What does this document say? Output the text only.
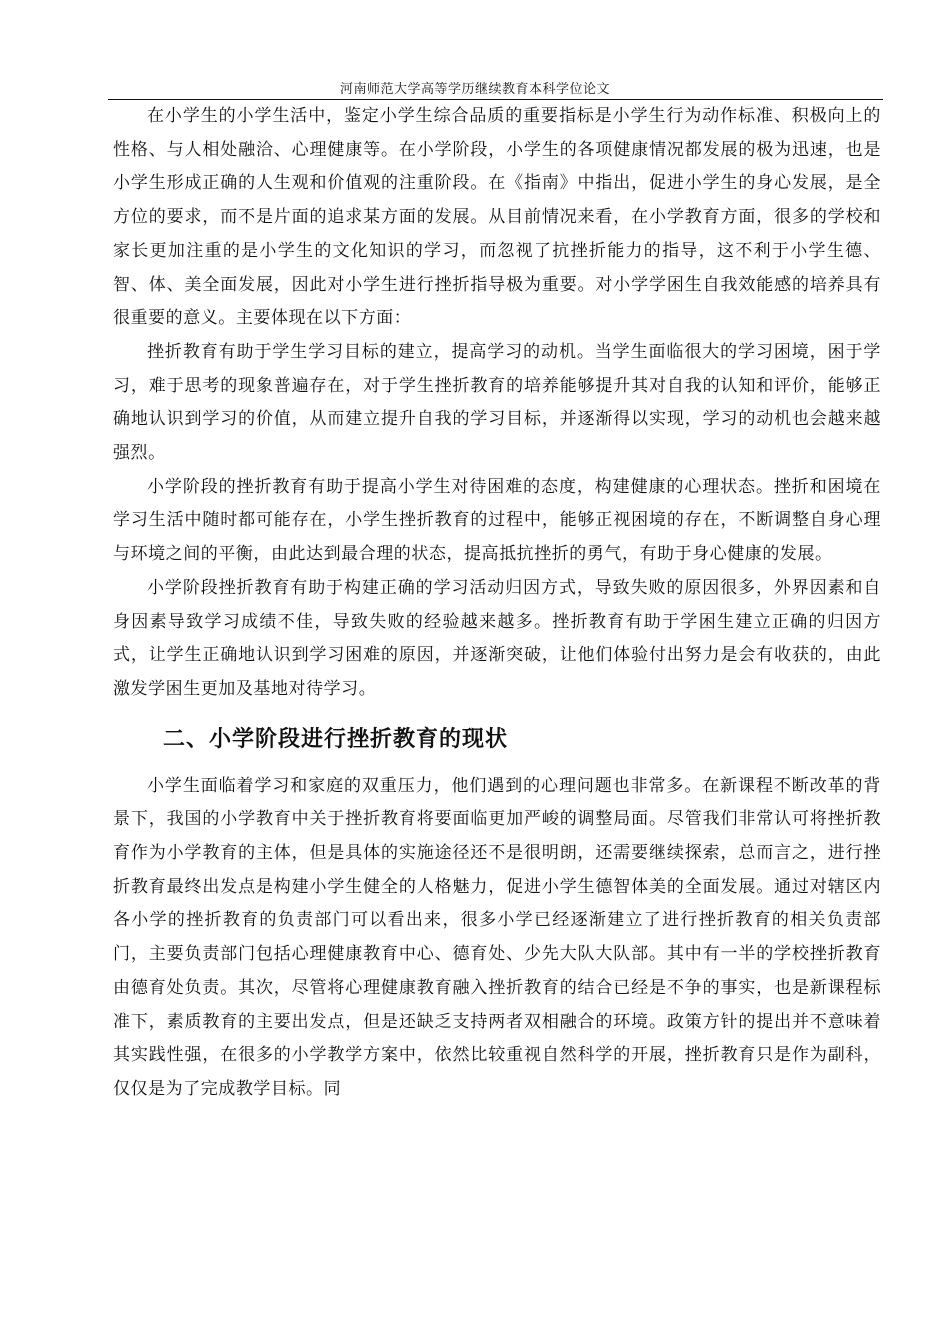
河南师范大学高等学历继续教育本科学位论文

在小学生的小学生活中，鉴定小学生综合品质的重要指标是小学生行为动作标准、积极向上的性格、与人相处融洽、心理健康等。在小学阶段，小学生的各项健康情况都发展的极为迅速，也是小学生形成正确的人生观和价值观的注重阶段。在《指南》中指出，促进小学生的身心发展，是全方位的要求，而不是片面的追求某方面的发展。从目前情况来看，在小学教育方面，很多的学校和家长更加注重的是小学生的文化知识的学习，而忽视了抗挫折能力的指导，这不利于小学生德、智、体、美全面发展，因此对小学生进行挫折指导极为重要。对小学学困生自我效能感的培养具有很重要的意义。主要体现在以下方面：

挫折教育有助于学生学习目标的建立，提高学习的动机。当学生面临很大的学习困境，困于学习，难于思考的现象普遍存在，对于学生挫折教育的培养能够提升其对自我的认知和评价，能够正确地认识到学习的价值，从而建立提升自我的学习目标，并逐渐得以实现，学习的动机也会越来越强烈。

小学阶段的挫折教育有助于提高小学生对待困难的态度，构建健康的心理状态。挫折和困境在学习生活中随时都可能存在，小学生挫折教育的过程中，能够正视困境的存在，不断调整自身心理与环境之间的平衡，由此达到最合理的状态，提高抵抗挫折的勇气，有助于身心健康的发展。

小学阶段挫折教育有助于构建正确的学习活动归因方式，导致失败的原因很多，外界因素和自身因素导致学习成绩不佳，导致失败的经验越来越多。挫折教育有助于学困生建立正确的归因方式，让学生正确地认识到学习困难的原因，并逐渐突破，让他们体验付出努力是会有收获的，由此激发学困生更加及基地对待学习。

二、小学阶段进行挫折教育的现状

小学生面临着学习和家庭的双重压力，他们遇到的心理问题也非常多。在新课程不断改革的背景下，我国的小学教育中关于挫折教育将要面临更加严峻的调整局面。尽管我们非常认可将挫折教育作为小学教育的主体，但是具体的实施途径还不是很明朗，还需要继续探索，总而言之，进行挫折教育最终出发点是构建小学生健全的人格魅力，促进小学生德智体美的全面发展。通过对辖区内各小学的挫折教育的负责部门可以看出来，很多小学已经逐渐建立了进行挫折教育的相关负责部门，主要负责部门包括心理健康教育中心、德育处、少先大队大队部。其中有一半的学校挫折教育由德育处负责。其次，尽管将心理健康教育融入挫折教育的结合已经是不争的事实，也是新课程标准下，素质教育的主要出发点，但是还缺乏支持两者双相融合的环境。政策方针的提出并不意味着其实践性强，在很多的小学教学方案中，依然比较重视自然科学的开展，挫折教育只是作为副科，仅仅是为了完成教学目标。同
